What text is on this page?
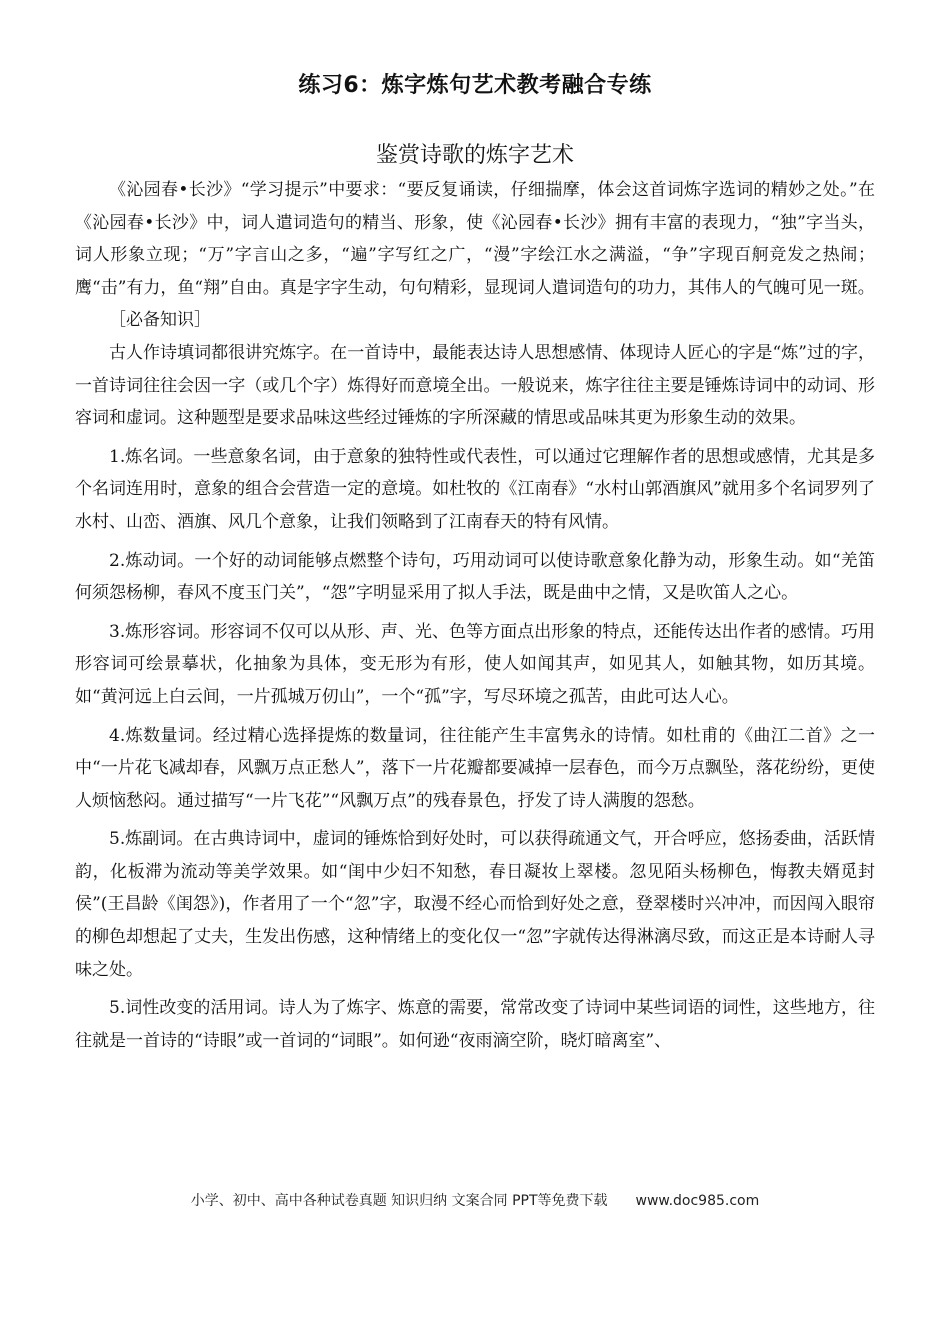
练习6：炼字炼句艺术教考融合专练
鉴赏诗歌的炼字艺术

《沁园春•长沙》“学习提示”中要求：“要反复诵读，仔细揣摩，体会这首词炼字选词的精妙之处。”在《沁园春•长沙》中，词人遣词造句的精当、形象，使《沁园春•长沙》拥有丰富的表现力，“独”字当头，词人形象立现；“万”字言山之多，“遍”字写红之广，“漫”字绘江水之满溢，“争”字现百舸竞发之热闹；鹰“击”有力，鱼“翔”自由。真是字字生动，句句精彩，显现词人遣词造句的功力，其伟人的气魄可见一斑。

［必备知识］

古人作诗填词都很讲究炼字。在一首诗中，最能表达诗人思想感情、体现诗人匠心的字是“炼”过的字，一首诗词往往会因一字（或几个字）炼得好而意境全出。一般说来，炼字往往主要是锤炼诗词中的动词、形容词和虚词。这种题型是要求品味这些经过锤炼的字所深藏的情思或品味其更为形象生动的效果。

1.炼名词。一些意象名词，由于意象的独特性或代表性，可以通过它理解作者的思想或感情，尤其是多个名词连用时，意象的组合会营造一定的意境。如杜牧的《江南春》“水村山郭酒旗风”就用多个名词罗列了水村、山峦、酒旗、风几个意象，让我们领略到了江南春天的特有风情。

2.炼动词。一个好的动词能够点燃整个诗句，巧用动词可以使诗歌意象化静为动，形象生动。如“羌笛何须怨杨柳，春风不度玉门关”，“怨”字明显采用了拟人手法，既是曲中之情，又是吹笛人之心。

3.炼形容词。形容词不仅可以从形、声、光、色等方面点出形象的特点，还能传达出作者的感情。巧用形容词可绘景摹状，化抽象为具体，变无形为有形，使人如闻其声，如见其人，如触其物，如历其境。如“黄河远上白云间，一片孤城万仞山”，一个“孤”字，写尽环境之孤苦，由此可达人心。

4.炼数量词。经过精心选择提炼的数量词，往往能产生丰富隽永的诗情。如杜甫的《曲江二首》之一中“一片花飞减却春，风飘万点正愁人”，落下一片花瓣都要减掉一层春色，而今万点飘坠，落花纷纷，更使人烦恼愁闷。通过描写“一片飞花”“风飘万点”的残春景色，抒发了诗人满腹的怨愁。

5.炼副词。在古典诗词中，虚词的锤炼恰到好处时，可以获得疏通文气，开合呼应，悠扬委曲，活跃情韵，化板滞为流动等美学效果。如“闺中少妇不知愁，春日凝妆上翠楼。忽见陌头杨柳色，悔教夫婿觅封侯”(王昌龄《闺怨》)，作者用了一个“忽”字，取漫不经心而恰到好处之意，登翠楼时兴冲冲，而因闯入眼帘的柳色却想起了丈夫，生发出伤感，这种情绪上的变化仅一“忽”字就传达得淋漓尽致，而这正是本诗耐人寻味之处。

5.词性改变的活用词。诗人为了炼字、炼意的需要，常常改变了诗词中某些词语的词性，这些地方，往往就是一首诗的“诗眼”或一首词的“词眼”。如何逊“夜雨滴空阶，晓灯暗离室”、

小学、初中、高中各种试卷真题 知识归纳 文案合同 PPT等免费下载 www.doc985.com
